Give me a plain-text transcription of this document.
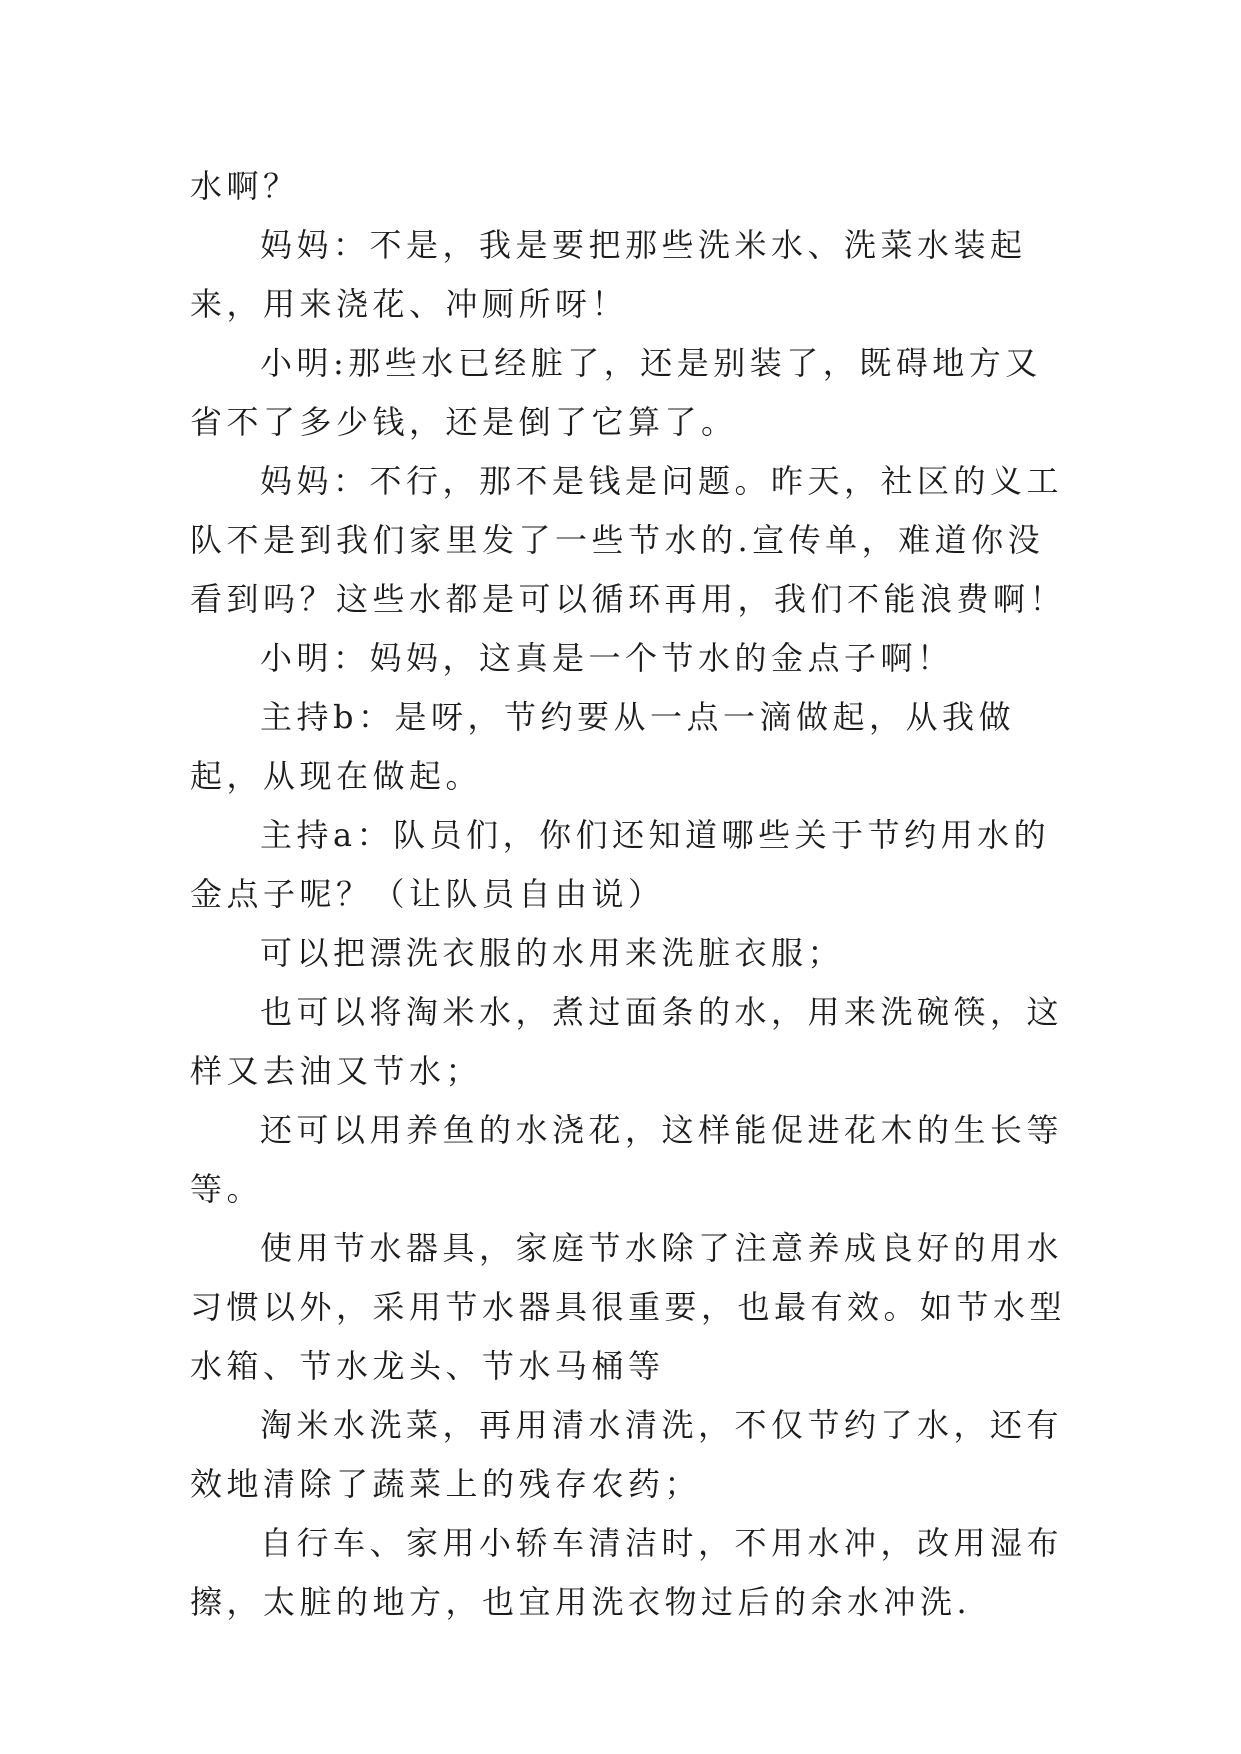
水啊？

妈妈：不是，我是要把那些洗米水、洗菜水装起来，用来浇花、冲厕所呀！

小明:那些水已经脏了，还是别装了，既碍地方又省不了多少钱，还是倒了它算了。

妈妈：不行，那不是钱是问题。昨天，社区的义工队不是到我们家里发了一些节水的.宣传单，难道你没看到吗？这些水都是可以循环再用，我们不能浪费啊！

小明：妈妈，这真是一个节水的金点子啊！

主持b：是呀，节约要从一点一滴做起，从我做起，从现在做起。

主持a：队员们，你们还知道哪些关于节约用水的金点子呢？（让队员自由说）

可以把漂洗衣服的水用来洗脏衣服；

也可以将淘米水，煮过面条的水，用来洗碗筷，这样又去油又节水；

还可以用养鱼的水浇花，这样能促进花木的生长等等。

使用节水器具，家庭节水除了注意养成良好的用水习惯以外，采用节水器具很重要，也最有效。如节水型水箱、节水龙头、节水马桶等

淘米水洗菜，再用清水清洗，不仅节约了水，还有效地清除了蔬菜上的残存农药；

自行车、家用小轿车清洁时，不用水冲，改用湿布擦，太脏的地方，也宜用洗衣物过后的余水冲洗.
